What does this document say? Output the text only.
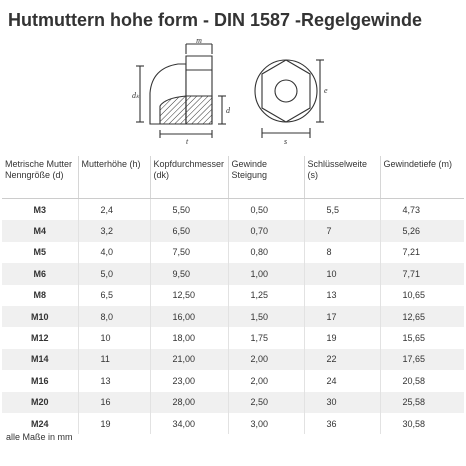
Hutmuttern hohe form - DIN 1587 -Regelgewinde
m
dₖ
d
t	s
e
Metrische Mutter Nenngröße (d)	Mutterhöhe (h)	Kopfdurchmesser (dk)	Gewinde Steigung	Schlüsselweite (s)	Gewindetiefe (m)
M3	2,4	5,50	0,50	5,5	4,73
M4	3,2	6,50	0,70	7	5,26
M5	4,0	7,50	0,80	8	7,21
M6	5,0	9,50	1,00	10	7,71
M8	6,5	12,50	1,25	13	10,65
M10	8,0	16,00	1,50	17	12,65
M12	10	18,00	1,75	19	15,65
M14	11	21,00	2,00	22	17,65
M16	13	23,00	2,00	24	20,58
M20	16	28,00	2,50	30	25,58
M24	19	34,00	3,00	36	30,58
alle Maße in mm
